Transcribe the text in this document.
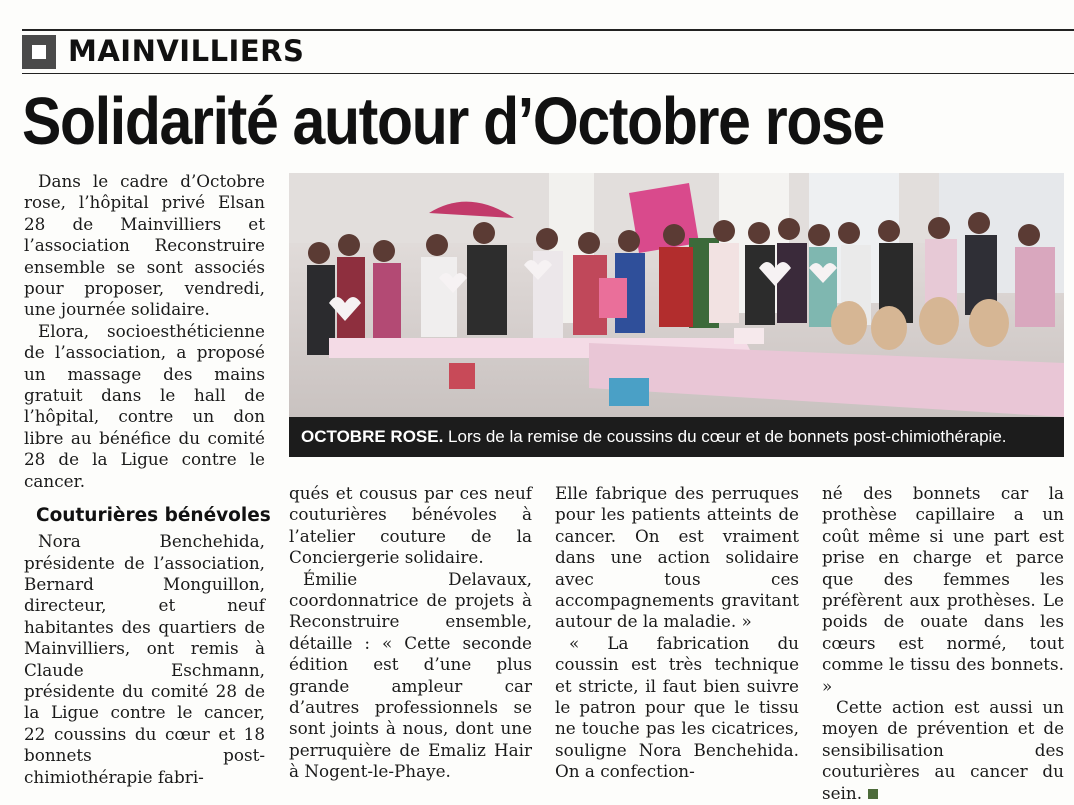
MAINVILLIERS
Solidarité autour d’Octobre rose

Dans le cadre d’Octobre rose, l’hôpital privé Elsan 28 de Mainvilliers et l’association Reconstruire ensemble se sont associés pour proposer, vendredi, une journée solidaire.

Elora, socioesthéticienne de l’association, a proposé un massage des mains gratuit dans le hall de l’hôpital, contre un don libre au bénéfice du comité 28 de la Ligue contre le cancer.

Couturières bénévoles

Nora Benchehida, présidente de l’association, Bernard Monguillon, directeur, et neuf habitantes des quartiers de Mainvilliers, ont remis à Claude Eschmann, présidente du comité 28 de la Ligue contre le cancer, 22 coussins du cœur et 18 bonnets post-chimiothérapie fabri-

OCTOBRE ROSE. Lors de la remise de coussins du cœur et de bonnets post-chimiothérapie.

qués et cousus par ces neuf couturières bénévoles à l’atelier couture de la Conciergerie solidaire.

Émilie Delavaux, coordonnatrice de projets à Reconstruire ensemble, détaille : « Cette seconde édition est d’une plus grande ampleur car d’autres professionnels se sont joints à nous, dont une perruquière de Emaliz Hair à Nogent-le-Phaye.

Elle fabrique des perruques pour les patients atteints de cancer. On est vraiment dans une action solidaire avec tous ces accompagnements gravitant autour de la maladie. »

« La fabrication du coussin est très technique et stricte, il faut bien suivre le patron pour que le tissu ne touche pas les cicatrices, souligne Nora Benchehida. On a confection-

né des bonnets car la prothèse capillaire a un coût même si une part est prise en charge et parce que des femmes les préfèrent aux prothèses. Le poids de ouate dans les cœurs est normé, tout comme le tissu des bonnets. »

Cette action est aussi un moyen de prévention et de sensibilisation des couturières au cancer du sein.
